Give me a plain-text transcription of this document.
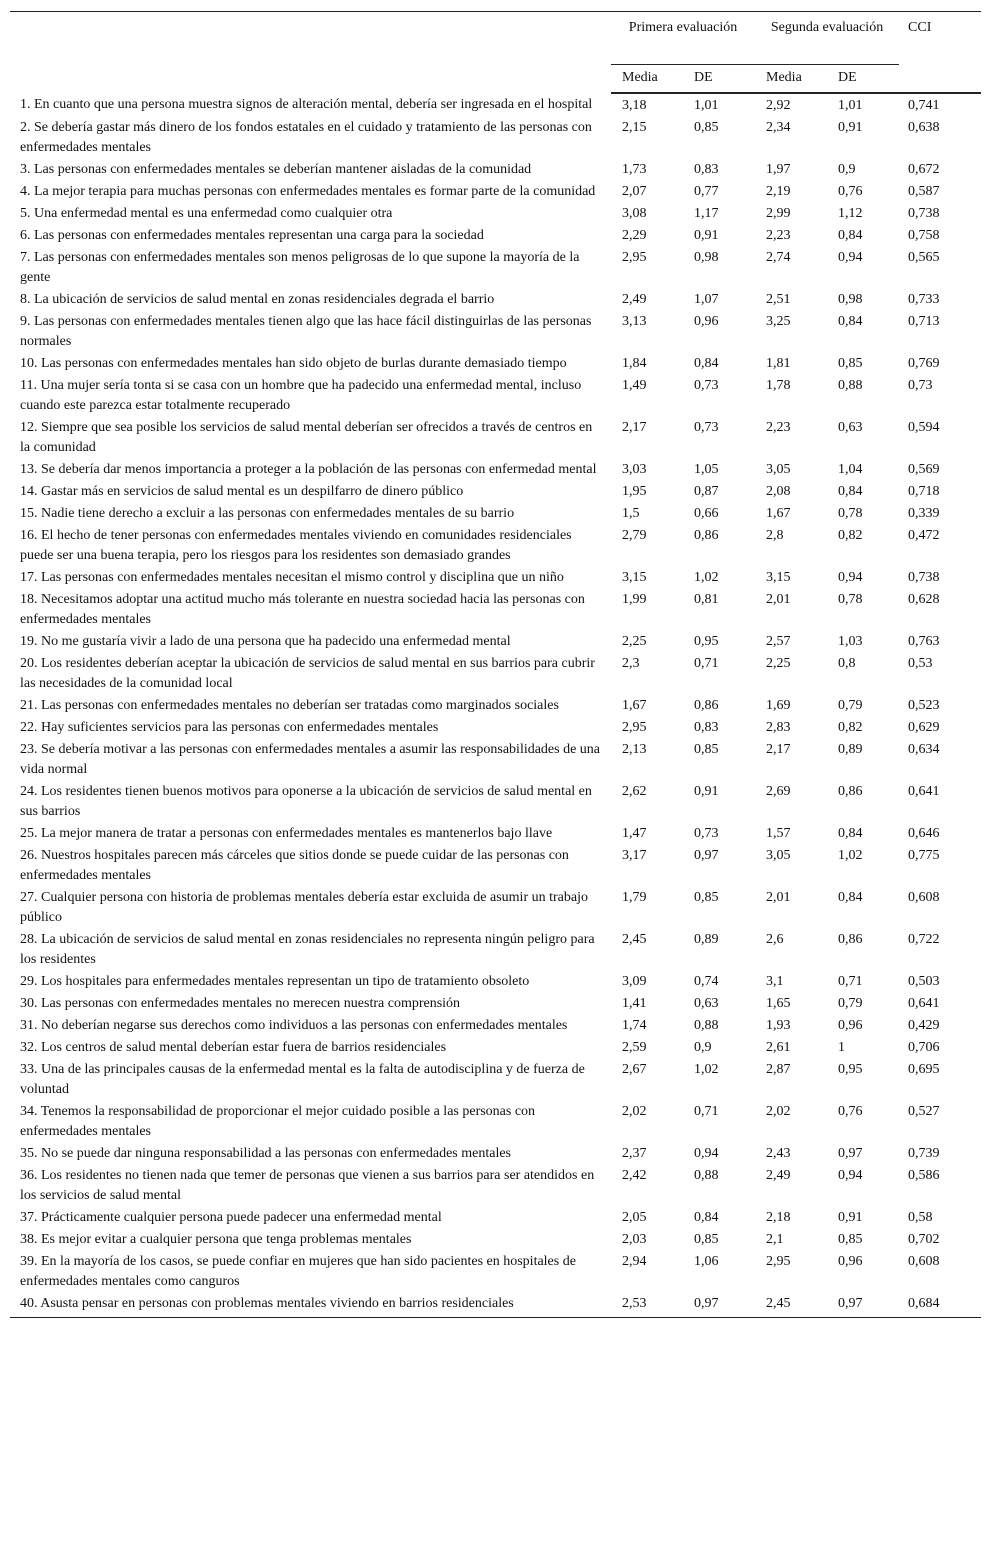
	Primera evaluación		Segunda evaluación		CCI
	Media	DE	Media	DE	
1. En cuanto que una persona muestra signos de alteración mental, debería ser ingresada en el hospital	3,18	1,01	2,92	1,01	0,741
2. Se debería gastar más dinero de los fondos estatales en el cuidado y tratamiento de las personas con enfermedades mentales	2,15	0,85	2,34	0,91	0,638
3. Las personas con enfermedades mentales se deberían mantener aisladas de la comunidad	1,73	0,83	1,97	0,9	0,672
4. La mejor terapia para muchas personas con enfermedades mentales es formar parte de la comunidad	2,07	0,77	2,19	0,76	0,587
5. Una enfermedad mental es una enfermedad como cualquier otra	3,08	1,17	2,99	1,12	0,738
6. Las personas con enfermedades mentales representan una carga para la sociedad	2,29	0,91	2,23	0,84	0,758
7. Las personas con enfermedades mentales son menos peligrosas de lo que supone la mayoría de la gente	2,95	0,98	2,74	0,94	0,565
8. La ubicación de servicios de salud mental en zonas residenciales degrada el barrio	2,49	1,07	2,51	0,98	0,733
9. Las personas con enfermedades mentales tienen algo que las hace fácil distinguirlas de las personas normales	3,13	0,96	3,25	0,84	0,713
10. Las personas con enfermedades mentales han sido objeto de burlas durante demasiado tiempo	1,84	0,84	1,81	0,85	0,769
11. Una mujer sería tonta si se casa con un hombre que ha padecido una enfermedad mental, incluso cuando este parezca estar totalmente recuperado	1,49	0,73	1,78	0,88	0,73
12. Siempre que sea posible los servicios de salud mental deberían ser ofrecidos a través de centros en la comunidad	2,17	0,73	2,23	0,63	0,594
13. Se debería dar menos importancia a proteger a la población de las personas con enfermedad mental	3,03	1,05	3,05	1,04	0,569
14. Gastar más en servicios de salud mental es un despilfarro de dinero público	1,95	0,87	2,08	0,84	0,718
15. Nadie tiene derecho a excluir a las personas con enfermedades mentales de su barrio	1,5	0,66	1,67	0,78	0,339
16. El hecho de tener personas con enfermedades mentales viviendo en comunidades residenciales puede ser una buena terapia, pero los riesgos para los residentes son demasiado grandes	2,79	0,86	2,8	0,82	0,472
17. Las personas con enfermedades mentales necesitan el mismo control y disciplina que un niño	3,15	1,02	3,15	0,94	0,738
18. Necesitamos adoptar una actitud mucho más tolerante en nuestra sociedad hacia las personas con enfermedades mentales	1,99	0,81	2,01	0,78	0,628
19. No me gustaría vivir a lado de una persona que ha padecido una enfermedad mental	2,25	0,95	2,57	1,03	0,763
20. Los residentes deberían aceptar la ubicación de servicios de salud mental en sus barrios para cubrir las necesidades de la comunidad local	2,3	0,71	2,25	0,8	0,53
21. Las personas con enfermedades mentales no deberían ser tratadas como marginados sociales	1,67	0,86	1,69	0,79	0,523
22. Hay suficientes servicios para las personas con enfermedades mentales	2,95	0,83	2,83	0,82	0,629
23. Se debería motivar a las personas con enfermedades mentales a asumir las responsabilidades de una vida normal	2,13	0,85	2,17	0,89	0,634
24. Los residentes tienen buenos motivos para oponerse a la ubicación de servicios de salud mental en sus barrios	2,62	0,91	2,69	0,86	0,641
25. La mejor manera de tratar a personas con enfermedades mentales es mantenerlos bajo llave	1,47	0,73	1,57	0,84	0,646
26. Nuestros hospitales parecen más cárceles que sitios donde se puede cuidar de las personas con enfermedades mentales	3,17	0,97	3,05	1,02	0,775
27. Cualquier persona con historia de problemas mentales debería estar excluida de asumir un trabajo público	1,79	0,85	2,01	0,84	0,608
28. La ubicación de servicios de salud mental en zonas residenciales no representa ningún peligro para los residentes	2,45	0,89	2,6	0,86	0,722
29. Los hospitales para enfermedades mentales representan un tipo de tratamiento obsoleto	3,09	0,74	3,1	0,71	0,503
30. Las personas con enfermedades mentales no merecen nuestra comprensión	1,41	0,63	1,65	0,79	0,641
31. No deberían negarse sus derechos como individuos a las personas con enfermedades mentales	1,74	0,88	1,93	0,96	0,429
32. Los centros de salud mental deberían estar fuera de barrios residenciales	2,59	0,9	2,61	1	0,706
33. Una de las principales causas de la enfermedad mental es la falta de autodisciplina y de fuerza de voluntad	2,67	1,02	2,87	0,95	0,695
34. Tenemos la responsabilidad de proporcionar el mejor cuidado posible a las personas con enfermedades mentales	2,02	0,71	2,02	0,76	0,527
35. No se puede dar ninguna responsabilidad a las personas con enfermedades mentales	2,37	0,94	2,43	0,97	0,739
36. Los residentes no tienen nada que temer de personas que vienen a sus barrios para ser atendidos en los servicios de salud mental	2,42	0,88	2,49	0,94	0,586
37. Prácticamente cualquier persona puede padecer una enfermedad mental	2,05	0,84	2,18	0,91	0,58
38. Es mejor evitar a cualquier persona que tenga problemas mentales	2,03	0,85	2,1	0,85	0,702
39. En la mayoría de los casos, se puede confiar en mujeres que han sido pacientes en hospitales de enfermedades mentales como canguros	2,94	1,06	2,95	0,96	0,608
40. Asusta pensar en personas con problemas mentales viviendo en barrios residenciales	2,53	0,97	2,45	0,97	0,684
